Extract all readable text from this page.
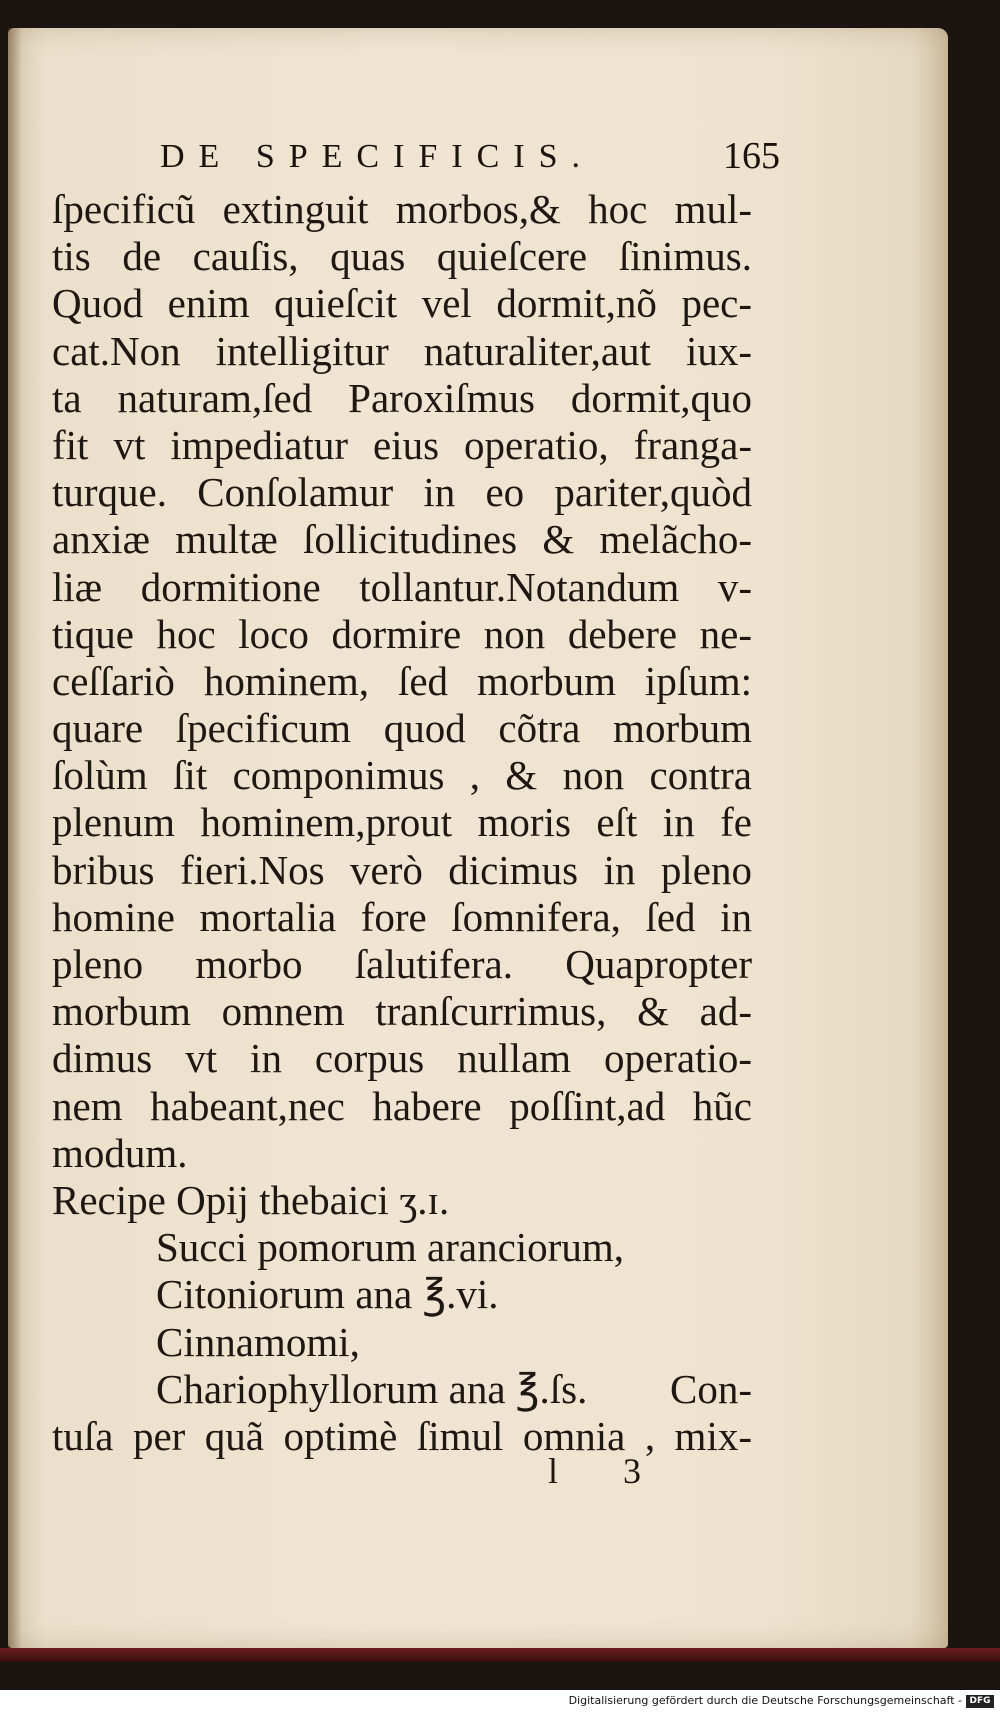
DE SPECIFICIS.	165
ſpecificũ extinguit morbos,& hoc mul-
tis de cauſis, quas quieſcere ſinimus.
Quod enim quieſcit vel dormit,nõ pec-
cat.Non intelligitur naturaliter,aut iux-
ta naturam,ſed Paroxiſmus dormit,quo
fit vt impediatur eius operatio, franga-
turque. Conſolamur in eo pariter,quòd
anxiæ multæ ſollicitudines & melãcho-
liæ dormitione tollantur.Notandum v-
tique hoc loco dormire non debere ne-
ceſſariò hominem, ſed morbum ipſum:
quare ſpecificum quod cõtra morbum
ſolùm ſit componimus , & non contra
plenum hominem,prout moris eſt in fe
bribus fieri.Nos verò dicimus in pleno
homine mortalia fore ſomnifera, ſed in
pleno morbo ſalutifera. Quapropter
morbum omnem tranſcurrimus, & ad-
dimus vt in corpus nullam operatio-
nem habeant,nec habere poſſint,ad hũc
modum.
Recipe Opĳ thebaici ʒ.ɪ.
Succi pomorum aranciorum,
Citoniorum ana ℥.vi.
Cinnamomi,
Chariophyllorum ana ℥.ſs. Con-
tuſa per quã optimè ſimul omnia , mix-
l 3
Digitalisierung gefördert durch die Deutsche Forschungsgemeinschaft - DFG
